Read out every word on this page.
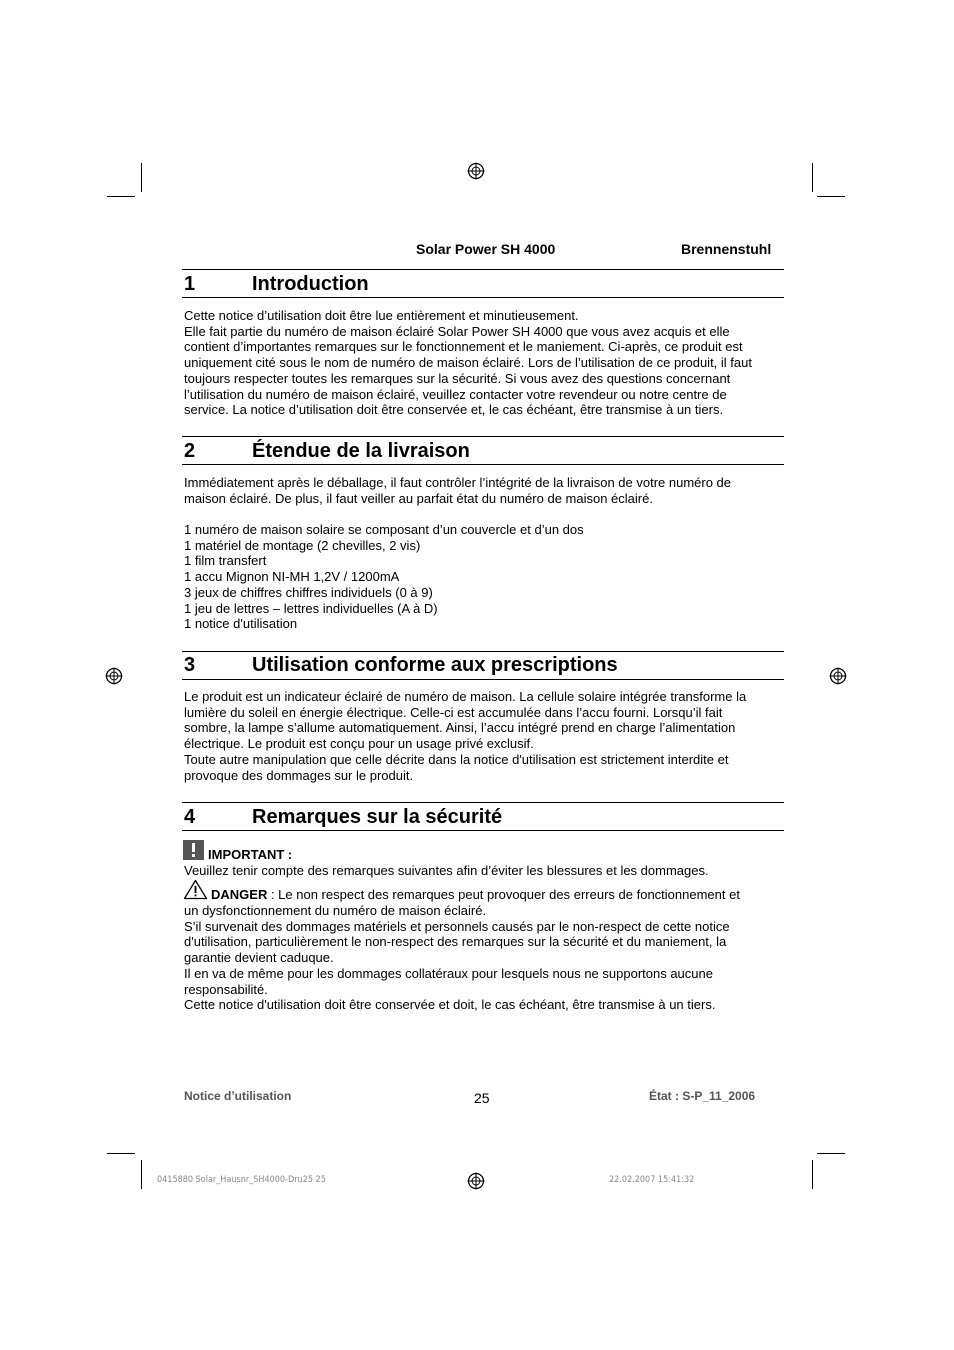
Solar Power SH 4000	Brennenstuhl
1	Introduction
Cette notice d’utilisation doit être lue entièrement et minutieusement.
Elle fait partie du numéro de maison éclairé Solar Power SH 4000 que vous avez acquis et elle
contient d’importantes remarques sur le fonctionnement et le maniement. Ci-après, ce produit est
uniquement cité sous le nom de numéro de maison éclairé. Lors de l’utilisation de ce produit, il faut
toujours respecter toutes les remarques sur la sécurité. Si vous avez des questions concernant
l’utilisation du numéro de maison éclairé, veuillez contacter votre revendeur ou notre centre de
service. La notice d’utilisation doit être conservée et, le cas échéant, être transmise à un tiers.
2	Étendue de la livraison
Immédiatement après le déballage, il faut contrôler l’intégrité de la livraison de votre numéro de
maison éclairé. De plus, il faut veiller au parfait état du numéro de maison éclairé.
1 numéro de maison solaire se composant d’un couvercle et d’un dos
1 matériel de montage (2 chevilles, 2 vis)
1 film transfert
1 accu Mignon NI-MH 1,2V / 1200mA
3 jeux de chiffres chiffres individuels (0 à 9)
1 jeu de lettres – lettres individuelles (A à D)
1 notice d'utilisation
3	Utilisation conforme aux prescriptions
Le produit est un indicateur éclairé de numéro de maison. La cellule solaire intégrée transforme la
lumière du soleil en énergie électrique. Celle-ci est accumulée dans l’accu fourni. Lorsqu’il fait
sombre, la lampe s’allume automatiquement. Ainsi, l’accu intégré prend en charge l’alimentation
électrique. Le produit est conçu pour un usage privé exclusif.
Toute autre manipulation que celle décrite dans la notice d'utilisation est strictement interdite et
provoque des dommages sur le produit.
4	Remarques sur la sécurité
IMPORTANT :
Veuillez tenir compte des remarques suivantes afin d’éviter les blessures et les dommages.
DANGER : Le non respect des remarques peut provoquer des erreurs de fonctionnement et
un dysfonctionnement du numéro de maison éclairé.
S’il survenait des dommages matériels et personnels causés par le non-respect de cette notice
d'utilisation, particulièrement le non-respect des remarques sur la sécurité et du maniement, la
garantie devient caduque.
Il en va de même pour les dommages collatéraux pour lesquels nous ne supportons aucune
responsabilité.
Cette notice d'utilisation doit être conservée et doit, le cas échéant, être transmise à un tiers.
Notice d’utilisation	25	État : S-P_11_2006
0415880 Solar_Hausnr_SH4000-Dru25 25	22.02.2007 15:41:32
